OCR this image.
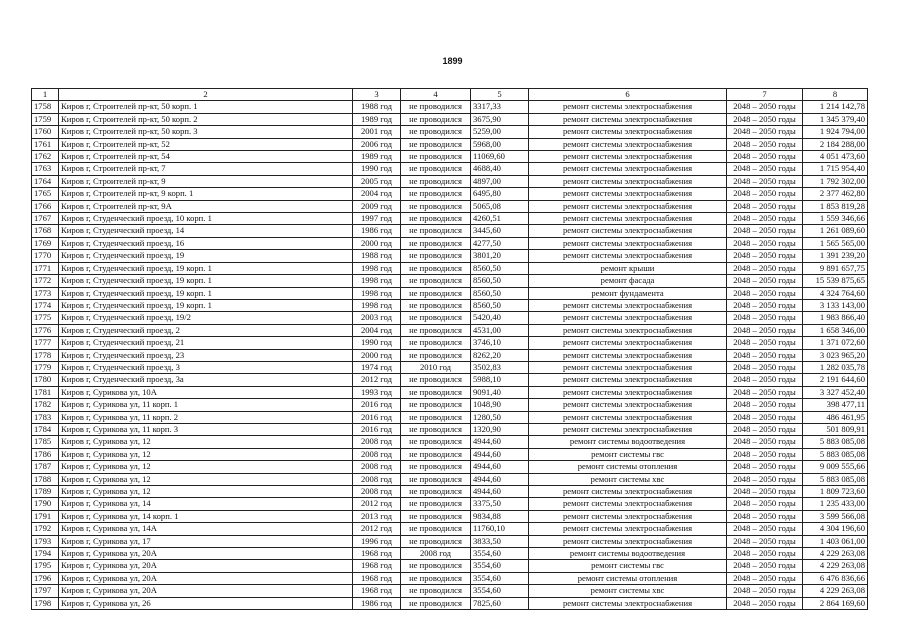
1899
1	2	3	4	5	6	7	8
1758	Киров г, Строителей пр-кт, 50 корп. 1	1988 год	не проводился	3317,33	ремонт системы электроснабжения	2048 – 2050 годы	1 214 142,78
1759	Киров г, Строителей пр-кт, 50 корп. 2	1989 год	не проводился	3675,90	ремонт системы электроснабжения	2048 – 2050 годы	1 345 379,40
1760	Киров г, Строителей пр-кт, 50 корп. 3	2001 год	не проводился	5259,00	ремонт системы электроснабжения	2048 – 2050 годы	1 924 794,00
1761	Киров г, Строителей пр-кт, 52	2006 год	не проводился	5968,00	ремонт системы электроснабжения	2048 – 2050 годы	2 184 288,00
1762	Киров г, Строителей пр-кт, 54	1989 год	не проводился	11069,60	ремонт системы электроснабжения	2048 – 2050 годы	4 051 473,60
1763	Киров г, Строителей пр-кт, 7	1990 год	не проводился	4688,40	ремонт системы электроснабжения	2048 – 2050 годы	1 715 954,40
1764	Киров г, Строителей пр-кт, 9	2005 год	не проводился	4897,00	ремонт системы электроснабжения	2048 – 2050 годы	1 792 302,00
1765	Киров г, Строителей пр-кт, 9 корп. 1	2004 год	не проводился	6495,80	ремонт системы электроснабжения	2048 – 2050 годы	2 377 462,80
1766	Киров г, Строителей пр-кт, 9А	2009 год	не проводился	5065,08	ремонт системы электроснабжения	2048 – 2050 годы	1 853 819,28
1767	Киров г, Студенческий проезд, 10 корп. 1	1997 год	не проводился	4260,51	ремонт системы электроснабжения	2048 – 2050 годы	1 559 346,66
1768	Киров г, Студенческий проезд, 14	1986 год	не проводился	3445,60	ремонт системы электроснабжения	2048 – 2050 годы	1 261 089,60
1769	Киров г, Студенческий проезд, 16	2000 год	не проводился	4277,50	ремонт системы электроснабжения	2048 – 2050 годы	1 565 565,00
1770	Киров г, Студенческий проезд, 19	1988 год	не проводился	3801,20	ремонт системы электроснабжения	2048 – 2050 годы	1 391 239,20
1771	Киров г, Студенческий проезд, 19 корп. 1	1998 год	не проводился	8560,50	ремонт крыши	2048 – 2050 годы	9 891 657,75
1772	Киров г, Студенческий проезд, 19 корп. 1	1998 год	не проводился	8560,50	ремонт фасада	2048 – 2050 годы	15 539 875,65
1773	Киров г, Студенческий проезд, 19 корп. 1	1998 год	не проводился	8560,50	ремонт фундамента	2048 – 2050 годы	4 324 764,60
1774	Киров г, Студенческий проезд, 19 корп. 1	1998 год	не проводился	8560,50	ремонт системы электроснабжения	2048 – 2050 годы	3 133 143,00
1775	Киров г, Студенческий проезд, 19/2	2003 год	не проводился	5420,40	ремонт системы электроснабжения	2048 – 2050 годы	1 983 866,40
1776	Киров г, Студенческий проезд, 2	2004 год	не проводился	4531,00	ремонт системы электроснабжения	2048 – 2050 годы	1 658 346,00
1777	Киров г, Студенческий проезд, 21	1990 год	не проводился	3746,10	ремонт системы электроснабжения	2048 – 2050 годы	1 371 072,60
1778	Киров г, Студенческий проезд, 23	2000 год	не проводился	8262,20	ремонт системы электроснабжения	2048 – 2050 годы	3 023 965,20
1779	Киров г, Студенческий проезд, 3	1974 год	2010 год	3502,83	ремонт системы электроснабжения	2048 – 2050 годы	1 282 035,78
1780	Киров г, Студенческий проезд, 3а	2012 год	не проводился	5988,10	ремонт системы электроснабжения	2048 – 2050 годы	2 191 644,60
1781	Киров г, Сурикова ул, 10А	1993 год	не проводился	9091,40	ремонт системы электроснабжения	2048 – 2050 годы	3 327 452,40
1782	Киров г, Сурикова ул, 11 корп. 1	2016 год	не проводился	1048,90	ремонт системы электроснабжения	2048 – 2050 годы	398 477,11
1783	Киров г, Сурикова ул, 11 корп. 2	2016 год	не проводился	1280,50	ремонт системы электроснабжения	2048 – 2050 годы	486 461,95
1784	Киров г, Сурикова ул, 11 корп. 3	2016 год	не проводился	1320,90	ремонт системы электроснабжения	2048 – 2050 годы	501 809,91
1785	Киров г, Сурикова ул, 12	2008 год	не проводился	4944,60	ремонт системы водоотведения	2048 – 2050 годы	5 883 085,08
1786	Киров г, Сурикова ул, 12	2008 год	не проводился	4944,60	ремонт системы гвс	2048 – 2050 годы	5 883 085,08
1787	Киров г, Сурикова ул, 12	2008 год	не проводился	4944,60	ремонт системы отопления	2048 – 2050 годы	9 009 555,66
1788	Киров г, Сурикова ул, 12	2008 год	не проводился	4944,60	ремонт системы хвс	2048 – 2050 годы	5 883 085,08
1789	Киров г, Сурикова ул, 12	2008 год	не проводился	4944,60	ремонт системы электроснабжения	2048 – 2050 годы	1 809 723,60
1790	Киров г, Сурикова ул, 14	2012 год	не проводился	3375,50	ремонт системы электроснабжения	2048 – 2050 годы	1 235 433,00
1791	Киров г, Сурикова ул, 14 корп. 1	2013 год	не проводился	9834,88	ремонт системы электроснабжения	2048 – 2050 годы	3 599 566,08
1792	Киров г, Сурикова ул, 14А	2012 год	не проводился	11760,10	ремонт системы электроснабжения	2048 – 2050 годы	4 304 196,60
1793	Киров г, Сурикова ул, 17	1996 год	не проводился	3833,50	ремонт системы электроснабжения	2048 – 2050 годы	1 403 061,00
1794	Киров г, Сурикова ул, 20А	1968 год	2008 год	3554,60	ремонт системы водоотведения	2048 – 2050 годы	4 229 263,08
1795	Киров г, Сурикова ул, 20А	1968 год	не проводился	3554,60	ремонт системы гвс	2048 – 2050 годы	4 229 263,08
1796	Киров г, Сурикова ул, 20А	1968 год	не проводился	3554,60	ремонт системы отопления	2048 – 2050 годы	6 476 836,66
1797	Киров г, Сурикова ул, 20А	1968 год	не проводился	3554,60	ремонт системы хвс	2048 – 2050 годы	4 229 263,08
1798	Киров г, Сурикова ул, 26	1986 год	не проводился	7825,60	ремонт системы электроснабжения	2048 – 2050 годы	2 864 169,60
